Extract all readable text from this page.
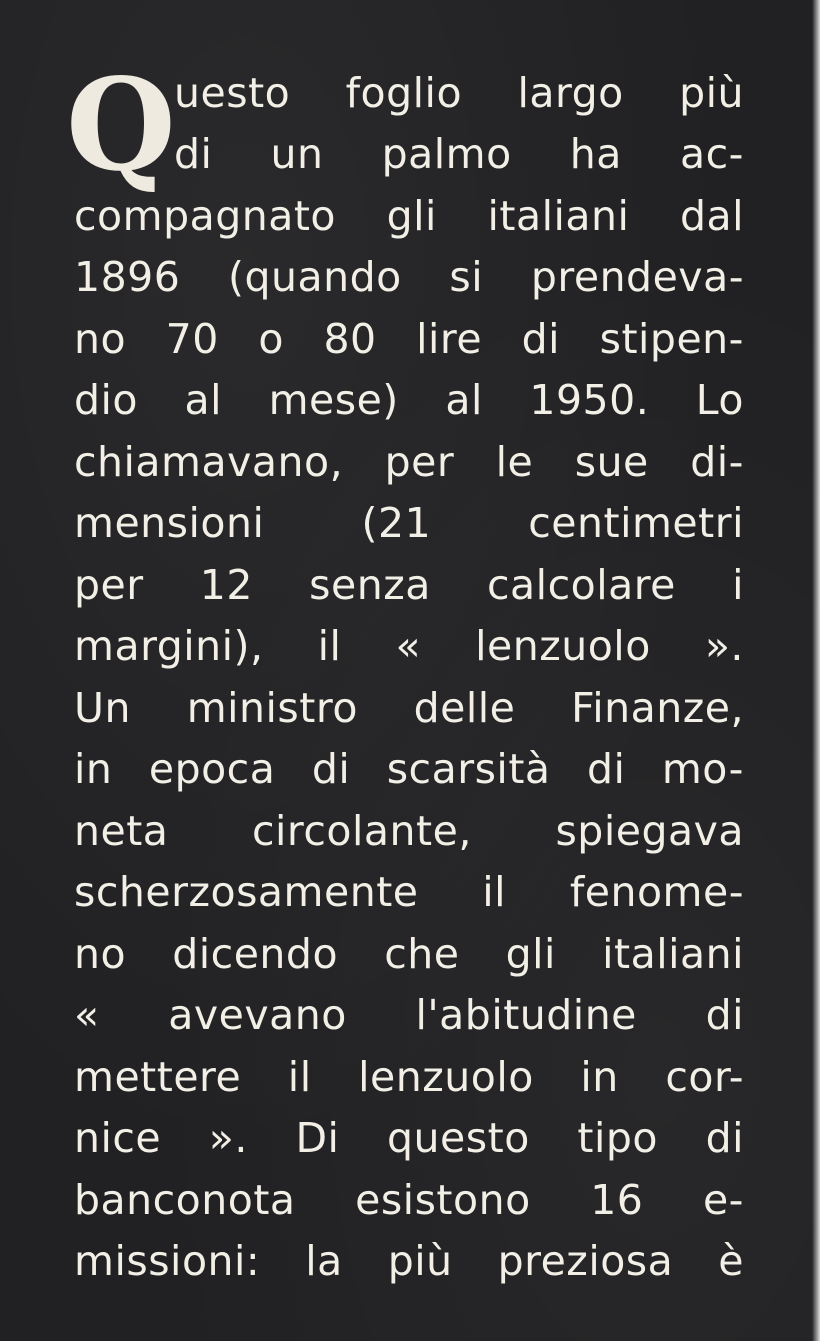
Q
uesto foglio largo più
di un palmo ha ac-
compagnato gli italiani dal
1896 (quando si prendeva-
no 70 o 80 lire di stipen-
dio al mese) al 1950. Lo
chiamavano, per le sue di-
mensioni (21 centimetri
per 12 senza calcolare i
margini), il « lenzuolo ».
Un ministro delle Finanze,
in epoca di scarsità di mo-
neta circolante, spiegava
scherzosamente il fenome-
no dicendo che gli italiani
« avevano l'abitudine di
mettere il lenzuolo in cor-
nice ». Di questo tipo di
banconota esistono 16 e-
missioni: la più preziosa è
